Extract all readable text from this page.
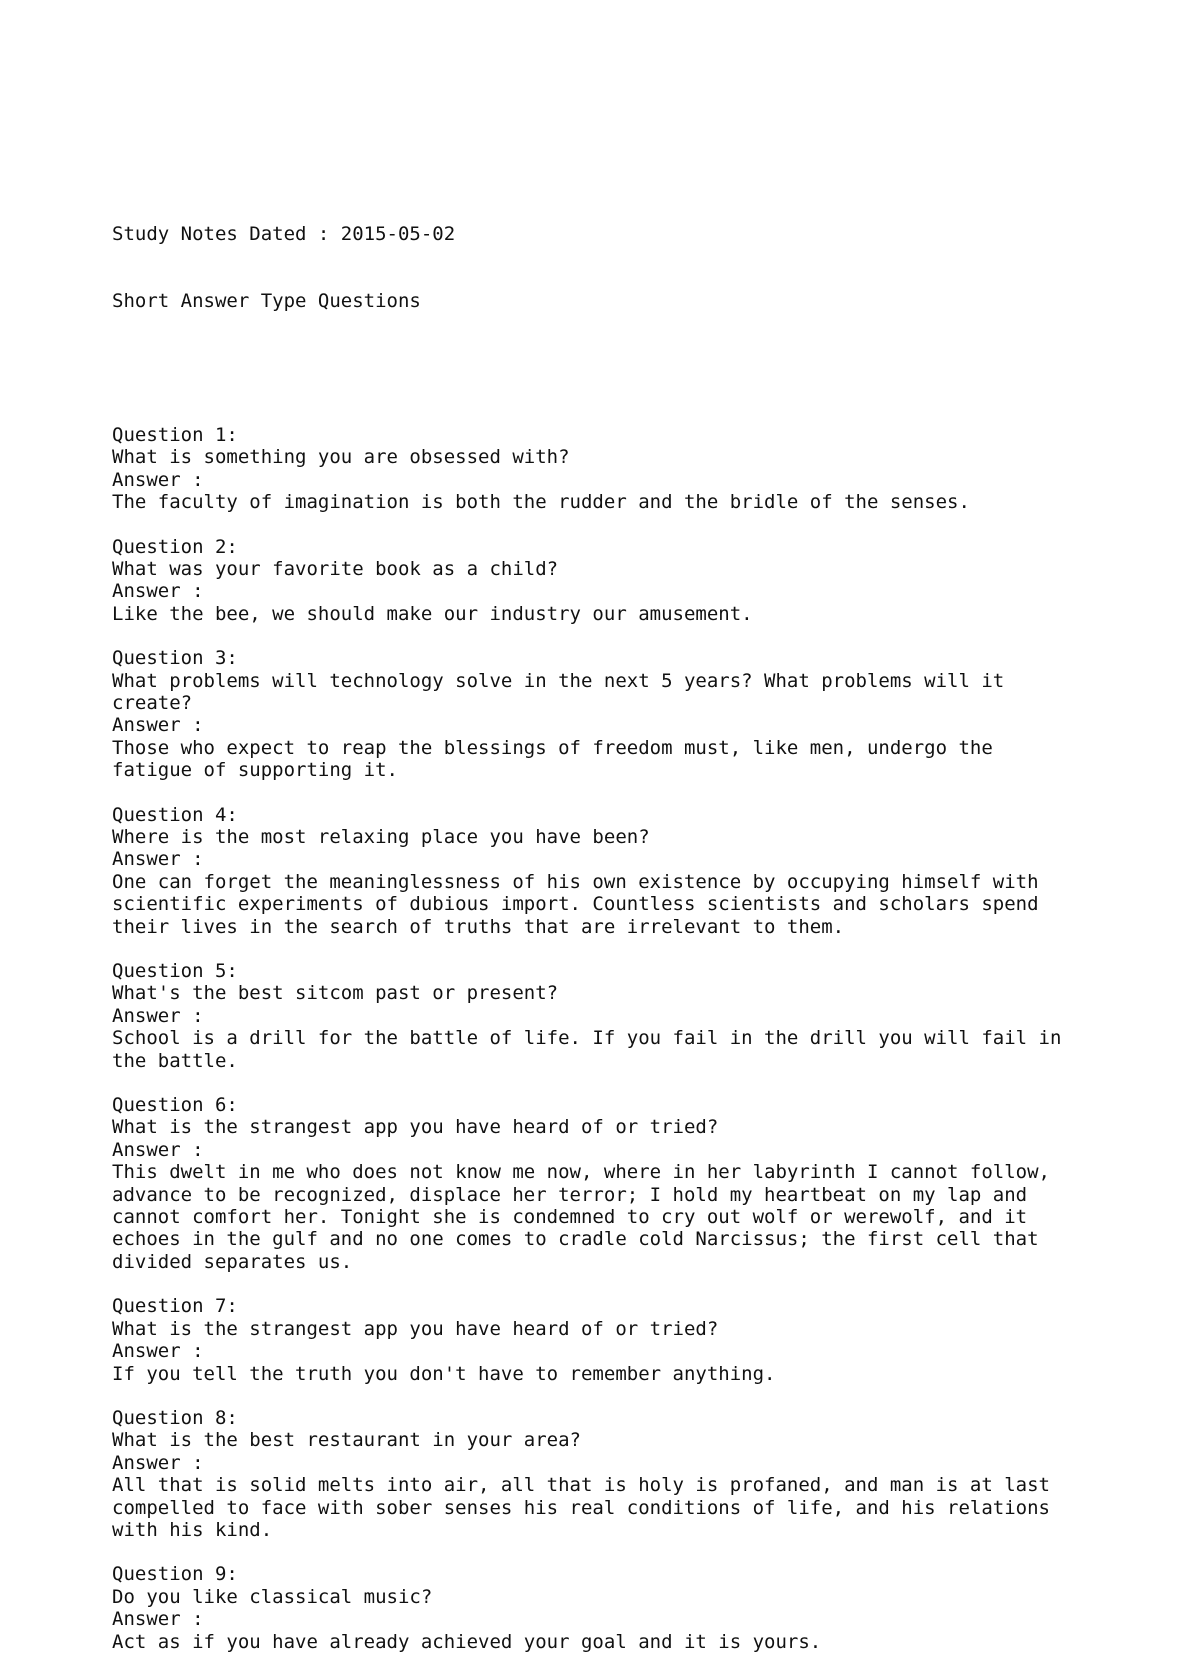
Study Notes Dated : 2015-05-02

Short Answer Type Questions

Question 1:
What is something you are obsessed with?
Answer :
The faculty of imagination is both the rudder and the bridle of the senses.
Question 2:
What was your favorite book as a child?
Answer :
Like the bee, we should make our industry our amusement.
Question 3:
What problems will technology solve in the next 5 years? What problems will it
create?
Answer :
Those who expect to reap the blessings of freedom must, like men, undergo the
fatigue of supporting it.
Question 4:
Where is the most relaxing place you have been?
Answer :
One can forget the meaninglessness of his own existence by occupying himself with
scientific experiments of dubious import. Countless scientists and scholars spend
their lives in the search of truths that are irrelevant to them.
Question 5:
What's the best sitcom past or present?
Answer :
School is a drill for the battle of life. If you fail in the drill you will fail in
the battle.
Question 6:
What is the strangest app you have heard of or tried?
Answer :
This dwelt in me who does not know me now, where in her labyrinth I cannot follow,
advance to be recognized, displace her terror; I hold my heartbeat on my lap and
cannot comfort her. Tonight she is condemned to cry out wolf or werewolf, and it
echoes in the gulf and no one comes to cradle cold Narcissus; the first cell that
divided separates us.
Question 7:
What is the strangest app you have heard of or tried?
Answer :
If you tell the truth you don't have to remember anything.
Question 8:
What is the best restaurant in your area?
Answer :
All that is solid melts into air, all that is holy is profaned, and man is at last
compelled to face with sober senses his real conditions of life, and his relations
with his kind.
Question 9:
Do you like classical music?
Answer :
Act as if you have already achieved your goal and it is yours.
